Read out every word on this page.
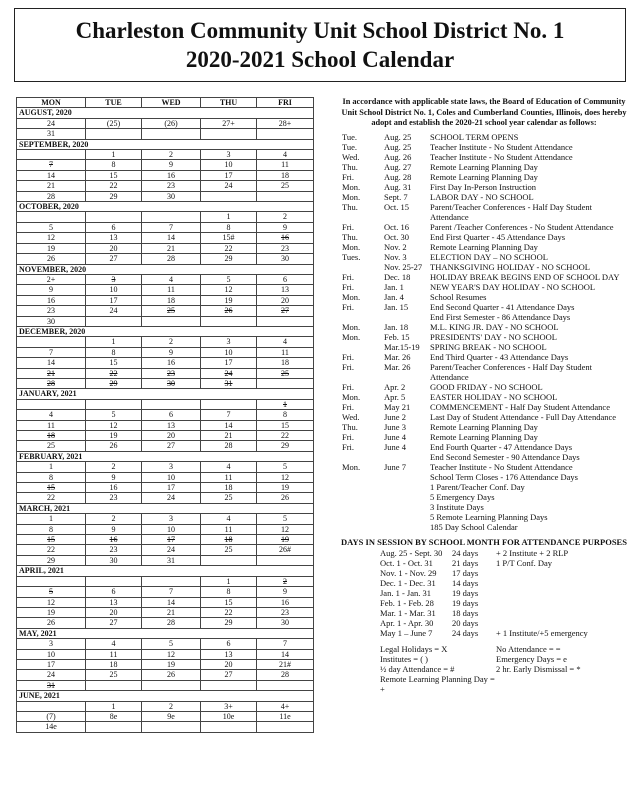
Charleston Community Unit School District No. 1
2020-2021 School Calendar
MON	TUE	WED	THU	FRI
AUGUST, 2020				
24	(25)	(26)	27+	28+
31				
SEPTEMBER, 2020				
	1	2	3	4
7	8	9	10	11
14	15	16	17	18
21	22	23	24	25
28	29	30		
OCTOBER, 2020				
			1	2
5	6	7	8	9
12	13	14	15#	16
19	20	21	22	23
26	27	28	29	30
NOVEMBER, 2020				
2+	3	4	5	6
9	10	11	12	13
16	17	18	19	20
23	24	25	26	27
30				
DECEMBER, 2020				
	1	2	3	4
7	8	9	10	11
14	15	16	17	18
21	22	23	24	25
28	29	30	31	
JANUARY, 2021				
				1
4	5	6	7	8
11	12	13	14	15
18	19	20	21	22
25	26	27	28	29
FEBRUARY, 2021				
1	2	3	4	5
8	9	10	11	12
15	16	17	18	19
22	23	24	25	26
MARCH, 2021				
1	2	3	4	5
8	9	10	11	12
15	16	17	18	19
22	23	24	25	26#
29	30	31		
APRIL, 2021				
			1	2
5	6	7	8	9
12	13	14	15	16
19	20	21	22	23
26	27	28	29	30
MAY, 2021				
3	4	5	6	7
10	11	12	13	14
17	18	19	20	21#
24	25	26	27	28
31				
JUNE, 2021				
	1	2	3+	4+
(7)	8e	9e	10e	11e
14e				
In accordance with applicable state laws, the Board of Education of Community Unit School District No. 1, Coles and Cumberland Counties, Illinois, does hereby adopt and establish the 2020-21 school year calendar as follows:
Tue.	Aug. 25	SCHOOL TERM OPENS
Tue.	Aug. 25	Teacher Institute - No Student Attendance
Wed.	Aug. 26	Teacher Institute - No Student Attendance
Thu.	Aug. 27	Remote Learning Planning Day
Fri.	Aug. 28	Remote Learning Planning Day
Mon.	Aug. 31	First Day In-Person Instruction
Mon.	Sept. 7	LABOR DAY - NO SCHOOL
Thu.	Oct. 15	Parent/Teacher Conferences - Half Day Student Attendance
Fri.	Oct. 16	Parent /Teacher Conferences - No Student Attendance
Thu.	Oct. 30	End First Quarter - 45 Attendance Days
Mon.	Nov. 2	Remote Learning Planning Day
Tues.	Nov. 3	ELECTION DAY – NO SCHOOL
Nov. 25-27 THANKSGIVING HOLIDAY - NO SCHOOL
Fri.	Dec. 18	HOLIDAY BREAK BEGINS END OF SCHOOL DAY
Fri.	Jan. 1	NEW YEAR'S DAY HOLIDAY - NO SCHOOL
Mon.	Jan. 4	School Resumes
Fri.	Jan. 15	End Second Quarter - 41 Attendance Days
End First Semester - 86 Attendance Days
Mon.	Jan. 18	M.L. KING JR. DAY - NO SCHOOL
Mon.	Feb. 15	PRESIDENTS' DAY - NO SCHOOL
Mar.15-19	SPRING BREAK - NO SCHOOL
Fri.	Mar. 26	End Third Quarter - 43 Attendance Days
Fri.	Mar. 26	Parent/Teacher Conferences - Half Day Student Attendance
Fri.	Apr. 2	GOOD FRIDAY - NO SCHOOL
Mon.	Apr. 5	EASTER HOLIDAY - NO SCHOOL
Fri.	May 21	COMMENCEMENT - Half Day Student Attendance
Wed.	June 2	Last Day of Student Attendance - Full Day Attendance
Thu.	June 3	Remote Learning Planning Day
Fri.	June 4	Remote Learning Planning Day
Fri.	June 4	End Fourth Quarter - 47 Attendance Days
End Second Semester - 90 Attendance Days
Mon.	June 7	Teacher Institute - No Student Attendance
School Term Closes - 176 Attendance Days
1 Parent/Teacher Conf. Day
5 Emergency Days
3 Institute Days
5 Remote Learning Planning Days
185 Day School Calendar
DAYS IN SESSION BY SCHOOL MONTH FOR ATTENDANCE PURPOSES
Aug. 25 - Sept. 30	24 days	+ 2 Institute + 2 RLP
Oct. 1 - Oct. 31	21 days	1 P/T Conf. Day
Nov. 1 - Nov. 29	17 days
Dec. 1 - Dec. 31	14 days
Jan. 1 - Jan. 31	19 days
Feb. 1 - Feb. 28	19 days
Mar. 1 - Mar. 31	18 days
Apr. 1 - Apr. 30	20 days
May 1 – June 7	24 days	+ 1 Institute/+5 emergency
Legal Holidays = X	No Attendance = =
Institutes = ( )	Emergency Days = e
½ day Attendance = #	2 hr. Early Dismissal = *
Remote Learning Planning Day = +
